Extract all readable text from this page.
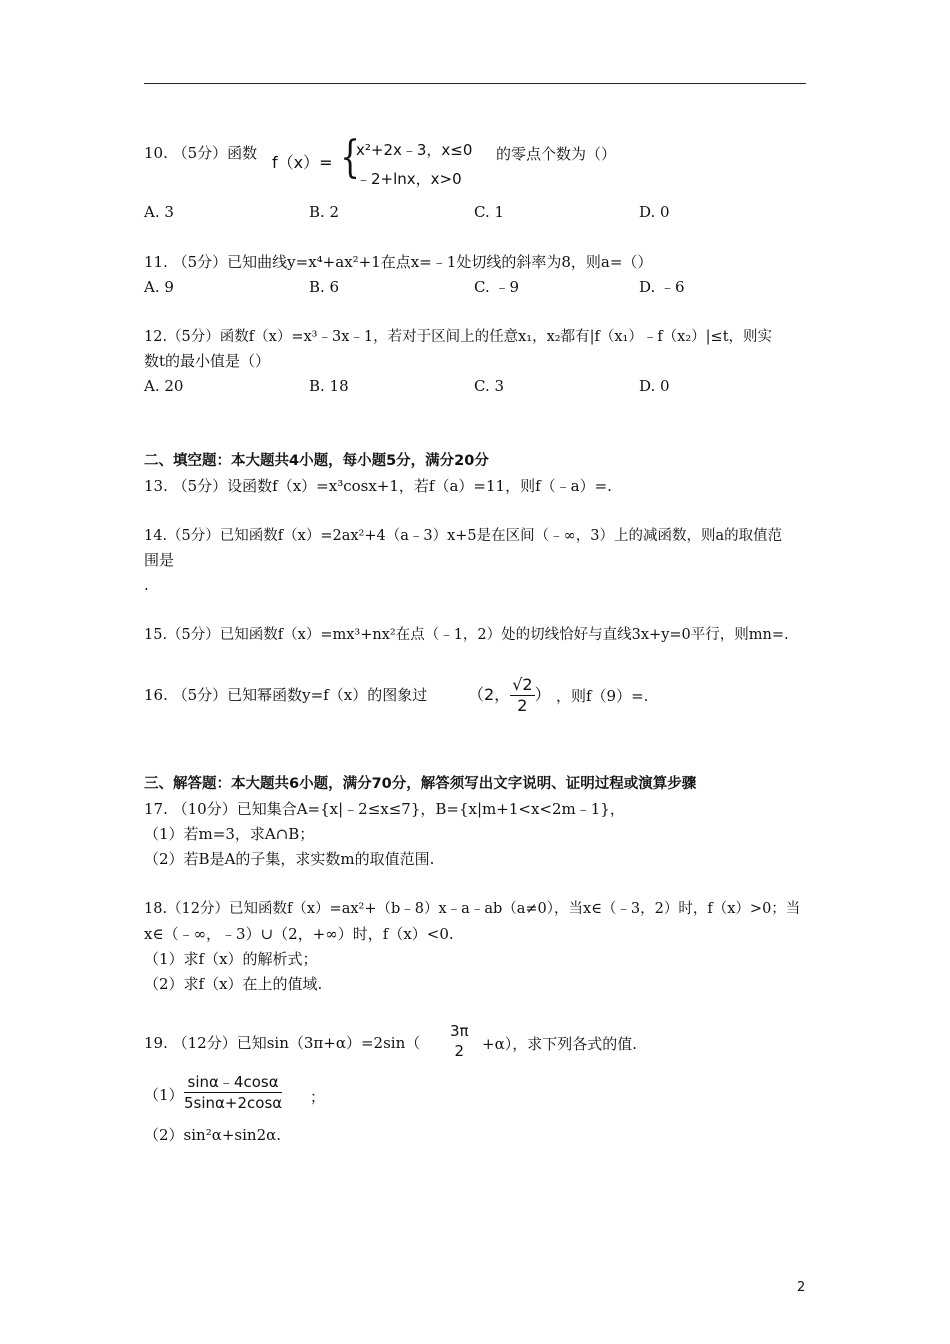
10. （5分）函数 f（x）= {
x²+2x﹣3，x≤0
﹣2+lnx，x>0
的零点个数为（）
A. 3	B. 2	C. 1	D. 0
11. （5分）已知曲线y=x⁴+ax²+1在点x=﹣1处切线的斜率为8，则a=（）
A. 9	B. 6	C. ﹣9	D. ﹣6
12.（5分）函数f（x）=x³﹣3x﹣1，若对于区间上的任意x₁，x₂都有|f（x₁）﹣f（x₂）|≤t，则实
数t的最小值是（）
A. 20	B. 18	C. 3	D. 0
二、填空题：本大题共4小题，每小题5分，满分20分
13. （5分）设函数f（x）=x³cosx+1，若f（a）=11，则f（﹣a）=.
14.（5分）已知函数f（x）=2ax²+4（a﹣3）x+5是在区间（﹣∞，3）上的减函数，则a的取值范
围是
.
15.（5分）已知函数f（x）=mx³+nx²在点（﹣1，2）处的切线恰好与直线3x+y=0平行，则mn=.
16. （5分）已知幂函数y=f（x）的图象过	（2， $\frac{√2}{2}$ ） ，则f（9）=.
三、解答题：本大题共6小题，满分70分，解答须写出文字说明、证明过程或演算步骤
17. （10分）已知集合A={x|﹣2≤x≤7}，B={x|m+1<x<2m﹣1}，
（1）若m=3，求A∩B；
（2）若B是A的子集，求实数m的取值范围.
18.（12分）已知函数f（x）=ax²+（b﹣8）x﹣a﹣ab（a≠0），当x∈（﹣3，2）时，f（x）>0；当
x∈（﹣∞，﹣3）∪（2，+∞）时，f（x）<0.
（1）求f（x）的解析式；
（2）求f（x）在上的值域.
19. （12分）已知sin（3π+α）=2sin（
3π
2	+α），求下列各式的值.
$(1) \frac{\sin\alpha﹣4\cos\alpha}{5\sin\alpha+2\cos\alpha}$ ；
（2）sin²α+sin2α.
2
